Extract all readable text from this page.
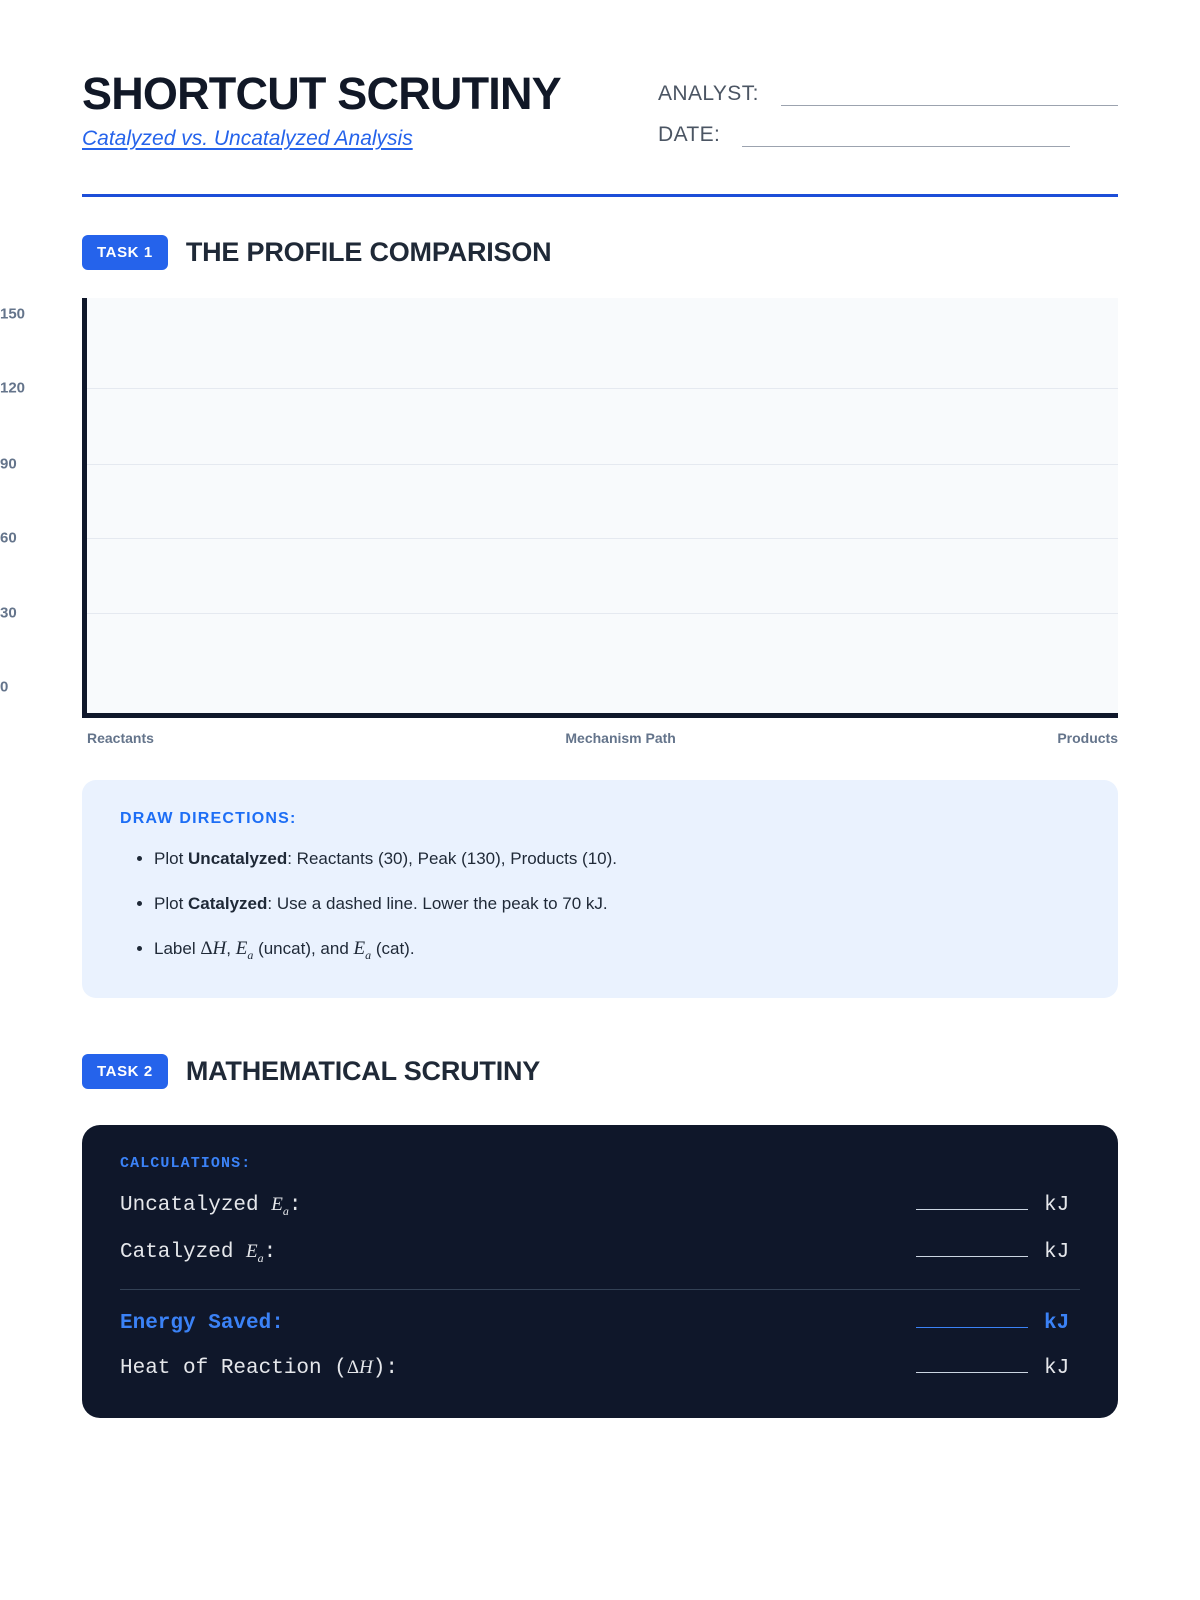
SHORTCUT SCRUTINY
Catalyzed vs. Uncatalyzed Analysis
ANALYST:
DATE:
TASK 1	THE PROFILE COMPARISON
150
120
90
60
30
0
Reactants	Mechanism Path	Products
DRAW DIRECTIONS:
• Plot Uncatalyzed: Reactants (30), Peak (130), Products (10).
• Plot Catalyzed: Use a dashed line. Lower the peak to 70 kJ.
• Label ΔH, $E_a$ (uncat), and $E_a$ (cat).
TASK 2	MATHEMATICAL SCRUTINY
CALCULATIONS:
Uncatalyzed $E_a$:	kJ
Catalyzed $E_a$:	kJ
Energy Saved:	kJ
Heat of Reaction (ΔH):	kJ
